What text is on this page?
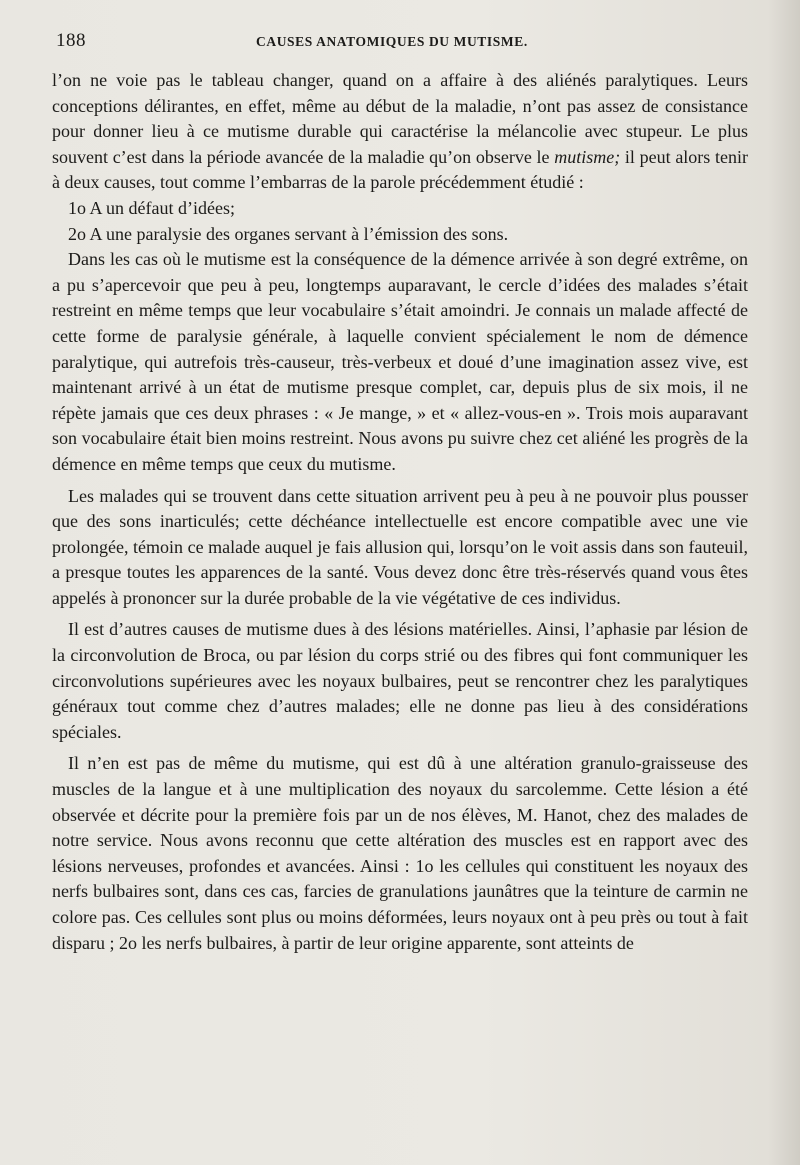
188	CAUSES ANATOMIQUES DU MUTISME.

l’on ne voie pas le tableau changer, quand on a affaire à des aliénés paralytiques. Leurs conceptions délirantes, en effet, même au début de la maladie, n’ont pas assez de consistance pour donner lieu à ce mutisme durable qui caractérise la mélancolie avec stupeur. Le plus souvent c’est dans la période avancée de la maladie qu’on observe le mutisme; il peut alors tenir à deux causes, tout comme l’embarras de la parole précédemment étudié :

1o A un défaut d’idées;

2o A une paralysie des organes servant à l’émission des sons.

Dans les cas où le mutisme est la conséquence de la démence arrivée à son degré extrême, on a pu s’apercevoir que peu à peu, longtemps auparavant, le cercle d’idées des malades s’était restreint en même temps que leur vocabulaire s’était amoindri. Je connais un malade affecté de cette forme de paralysie générale, à laquelle convient spécialement le nom de démence paralytique, qui autrefois très-causeur, très-verbeux et doué d’une imagination assez vive, est maintenant arrivé à un état de mutisme presque complet, car, depuis plus de six mois, il ne répète jamais que ces deux phrases : « Je mange, » et « allez-vous-en ». Trois mois auparavant son vocabulaire était bien moins restreint. Nous avons pu suivre chez cet aliéné les progrès de la démence en même temps que ceux du mutisme.

Les malades qui se trouvent dans cette situation arrivent peu à peu à ne pouvoir plus pousser que des sons inarticulés; cette déchéance intellectuelle est encore compatible avec une vie prolongée, témoin ce malade auquel je fais allusion qui, lorsqu’on le voit assis dans son fauteuil, a presque toutes les apparences de la santé. Vous devez donc être très-réservés quand vous êtes appelés à prononcer sur la durée probable de la vie végétative de ces individus.

Il est d’autres causes de mutisme dues à des lésions matérielles. Ainsi, l’aphasie par lésion de la circonvolution de Broca, ou par lésion du corps strié ou des fibres qui font communiquer les circonvolutions supérieures avec les noyaux bulbaires, peut se rencontrer chez les paralytiques généraux tout comme chez d’autres malades; elle ne donne pas lieu à des considérations spéciales.

Il n’en est pas de même du mutisme, qui est dû à une altération granulo-graisseuse des muscles de la langue et à une multiplication des noyaux du sarcolemme. Cette lésion a été observée et décrite pour la première fois par un de nos élèves, M. Hanot, chez des malades de notre service. Nous avons reconnu que cette altération des muscles est en rapport avec des lésions nerveuses, profondes et avancées. Ainsi : 1o les cellules qui constituent les noyaux des nerfs bulbaires sont, dans ces cas, farcies de granulations jaunâtres que la teinture de carmin ne colore pas. Ces cellules sont plus ou moins déformées, leurs noyaux ont à peu près ou tout à fait disparu ; 2o les nerfs bulbaires, à partir de leur origine apparente, sont atteints de
